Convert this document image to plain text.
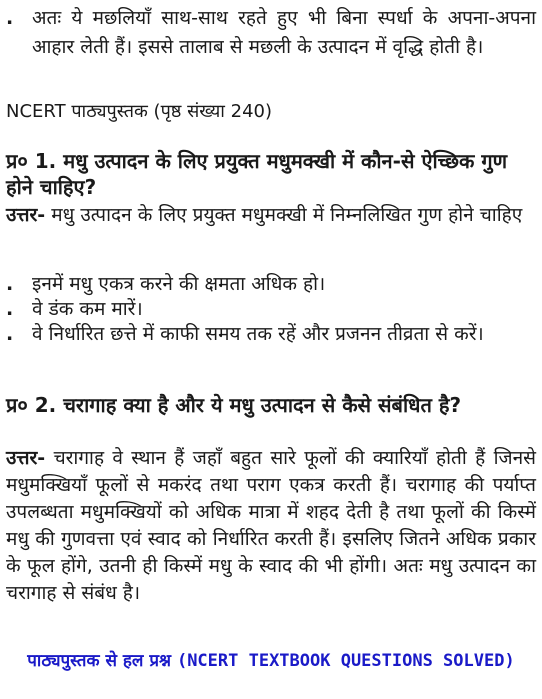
. अतः ये मछलियाँ साथ-साथ रहते हुए भी बिना स्पर्धा के अपना-अपना आहार लेती हैं। इससे तालाब से मछली के उत्पादन में वृद्धि होती है।
NCERT पाठ्यपुस्तक (पृष्ठ संख्या 240)
प्र० 1. मधु उत्पादन के लिए प्रयुक्त मधुमक्खी में कौन-से ऐच्छिक गुण होने चाहिए?
उत्तर- मधु उत्पादन के लिए प्रयुक्त मधुमक्खी में निम्नलिखित गुण होने चाहिए
. इनमें मधु एकत्र करने की क्षमता अधिक हो।
. वे डंक कम मारें।
. वे निर्धारित छत्ते में काफी समय तक रहें और प्रजनन तीव्रता से करें।
प्र० 2. चरागाह क्या है और ये मधु उत्पादन से कैसे संबंधित है?
उत्तर- चरागाह वे स्थान हैं जहाँ बहुत सारे फूलों की क्यारियाँ होती हैं जिनसे मधुमक्खियाँ फूलों से मकरंद तथा पराग एकत्र करती हैं। चरागाह की पर्याप्त उपलब्धता मधुमक्खियों को अधिक मात्रा में शहद देती है तथा फूलों की किस्में मधु की गुणवत्ता एवं स्वाद को निर्धारित करती हैं। इसलिए जितने अधिक प्रकार के फूल होंगे, उतनी ही किस्में मधु के स्वाद की भी होंगी। अतः मधु उत्पादन का चरागाह से संबंध है।
पाठ्यपुस्तक से हल प्रश्न (NCERT TEXTBOOK QUESTIONS SOLVED)
